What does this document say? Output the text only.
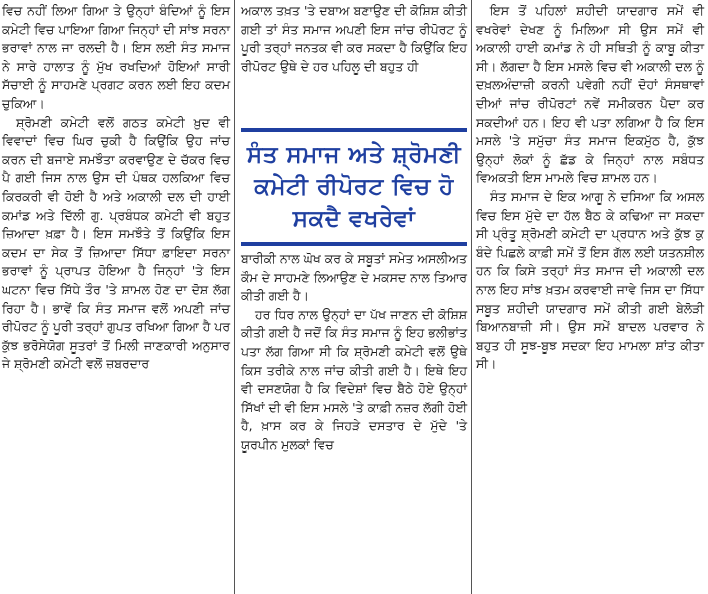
ਵਿਚ ਨਹੀਂ ਲਿਆ ਗਿਆ ਤੇ ਉਨ੍ਹਾਂ ਬੰਦਿਆਂ ਨੂੰ ਇਸ ਕਮੇਟੀ ਵਿਚ ਪਾਇਆ ਗਿਆ ਜਿਨ੍ਹਾਂ ਦੀ ਸਾਂਝ ਸਰਨਾ ਭਰਾਵਾਂ ਨਾਲ ਜਾ ਰਲਦੀ ਹੈ। ਇਸ ਲਈ ਸੰਤ ਸਮਾਜ ਨੇ ਸਾਰੇ ਹਾਲਾਤ ਨੂੰ ਮੁੱਖ ਰਖਦਿਆਂ ਹੋਇਆਂ ਸਾਰੀ ਸੱਚਾਈ ਨੂੰ ਸਾਹਮਣੇ ਪ੍ਰਗਟ ਕਰਨ ਲਈ ਇਹ ਕਦਮ ਚੁਕਿਆ।

ਸ਼੍ਰੋਮਣੀ ਕਮੇਟੀ ਵਲੋਂ ਗਠਤ ਕਮੇਟੀ ਖ਼ੁਦ ਵੀ ਵਿਵਾਦਾਂ ਵਿਚ ਘਿਰ ਚੁਕੀ ਹੈ ਕਿਉਂਕਿ ਉਹ ਜਾਂਚ ਕਰਨ ਦੀ ਬਜਾਏ ਸਮਝੌਤਾ ਕਰਵਾਉਣ ਦੇ ਚੱਕਰ ਵਿਚ ਪੈ ਗਈ ਜਿਸ ਨਾਲ ਉਸ ਦੀ ਪੰਥਕ ਹਲਕਿਆ ਵਿਚ ਕਿਰਕਰੀ ਵੀ ਹੋਈ ਹੈ ਅਤੇ ਅਕਾਲੀ ਦਲ ਦੀ ਹਾਈ ਕਮਾਂਡ ਅਤੇ ਦਿੱਲੀ ਗੁ. ਪ੍ਰਬੰਧਕ ਕਮੇਟੀ ਵੀ ਬਹੁਤ ਜ਼ਿਆਦਾ ਖ਼ਫ਼ਾ ਹੈ। ਇਸ ਸਮਝੌਤੇ ਤੋਂ ਕਿਉਂਕਿ ਇਸ ਕਦਮ ਦਾ ਸੇਕ ਤੋਂ ਜ਼ਿਆਦਾ ਸਿੱਧਾ ਫ਼ਾਇਦਾ ਸਰਨਾ ਭਰਾਵਾਂ ਨੂੰ ਪ੍ਰਾਪਤ ਹੋਇਆ ਹੈ ਜਿਨ੍ਹਾਂ 'ਤੇ ਇਸ ਘਟਨਾ ਵਿਚ ਸਿੱਧੇ ਤੌਰ 'ਤੇ ਸ਼ਾਮਲ ਹੋਣ ਦਾ ਦੋਸ਼ ਲੱਗ ਰਿਹਾ ਹੈ। ਭਾਵੇਂ ਕਿ ਸੰਤ ਸਮਾਜ ਵਲੋਂ ਅਪਣੀ ਜਾਂਚ ਰੀਪੋਰਟ ਨੂੰ ਪੂਰੀ ਤਰ੍ਹਾਂ ਗੁਪਤ ਰਖਿਆ ਗਿਆ ਹੈ ਪਰ ਕੁੱਝ ਭਰੋਸੇਯੋਗ ਸੂਤਰਾਂ ਤੋਂ ਮਿਲੀ ਜਾਣਕਾਰੀ ਅਨੁਸਾਰ ਜੇ ਸ਼੍ਰੋਮਣੀ ਕਮੇਟੀ ਵਲੋਂ ਜ਼ਬਰਦਾਰ

ਅਕਾਲ ਤਖ਼ਤ 'ਤੇ ਦਬਾਅ ਬਣਾਉਣ ਦੀ ਕੋਸ਼ਿਸ਼ ਕੀਤੀ ਗਈ ਤਾਂ ਸੰਤ ਸਮਾਜ ਅਪਣੀ ਇਸ ਜਾਂਚ ਰੀਪੋਰਟ ਨੂੰ ਪੂਰੀ ਤਰ੍ਹਾਂ ਜਨਤਕ ਵੀ ਕਰ ਸਕਦਾ ਹੈ ਕਿਉਂਕਿ ਇਹ ਰੀਪੋਰਟ ਉਥੇ ਦੇ ਹਰ ਪਹਿਲੂ ਦੀ ਬਹੁਤ ਹੀ

ਸੰਤ ਸਮਾਜ ਅਤੇ ਸ਼੍ਰੋਮਣੀ
ਕਮੇਟੀ ਰੀਪੋਰਟ ਵਿਚ ਹੋ
ਸਕਦੈ ਵਖਰੇਵਾਂ

ਬਾਰੀਕੀ ਨਾਲ ਘੋਖ ਕਰ ਕੇ ਸਬੂਤਾਂ ਸਮੇਤ ਅਸਲੀਅਤ ਕੌਮ ਦੇ ਸਾਹਮਣੇ ਲਿਆਉਣ ਦੇ ਮਕਸਦ ਨਾਲ ਤਿਆਰ ਕੀਤੀ ਗਈ ਹੈ।

ਹਰ ਧਿਰ ਨਾਲ ਉਨ੍ਹਾਂ ਦਾ ਪੱਖ ਜਾਣਨ ਦੀ ਕੋਸ਼ਿਸ਼ ਕੀਤੀ ਗਈ ਹੈ ਜਦੋਂ ਕਿ ਸੰਤ ਸਮਾਜ ਨੂੰ ਇਹ ਭਲੀਭਾਂਤ ਪਤਾ ਲੱਗ ਗਿਆ ਸੀ ਕਿ ਸ਼੍ਰੋਮਣੀ ਕਮੇਟੀ ਵਲੋਂ ਉਥੇ ਕਿਸ ਤਰੀਕੇ ਨਾਲ ਜਾਂਚ ਕੀਤੀ ਗਈ ਹੈ। ਇਥੇ ਇਹ ਵੀ ਦਸਣਯੋਗ ਹੈ ਕਿ ਵਿਦੇਸ਼ਾਂ ਵਿਚ ਬੈਠੇ ਹੋਏ ਉਨ੍ਹਾਂ ਸਿੱਖਾਂ ਦੀ ਵੀ ਇਸ ਮਸਲੇ 'ਤੇ ਕਾਫ਼ੀ ਨਜ਼ਰ ਲੱਗੀ ਹੋਈ ਹੈ, ਖ਼ਾਸ ਕਰ ਕੇ ਜਿਹੜੇ ਦਸਤਾਰ ਦੇ ਮੁੱਦੇ 'ਤੇ ਯੂਰਪੀਨ ਮੁਲਕਾਂ ਵਿਚ

ਇਸ ਤੋਂ ਪਹਿਲਾਂ ਸ਼ਹੀਦੀ ਯਾਦਗਾਰ ਸਮੇਂ ਵੀ ਵਖਰੇਵਾਂ ਦੇਖਣ ਨੂੰ ਮਿਲਿਆ ਸੀ ਉਸ ਸਮੇਂ ਵੀ ਅਕਾਲੀ ਹਾਈ ਕਮਾਂਡ ਨੇ ਹੀ ਸਥਿਤੀ ਨੂੰ ਕਾਬੂ ਕੀਤਾ ਸੀ। ਲੱਗਦਾ ਹੈ ਇਸ ਮਸਲੇ ਵਿਚ ਵੀ ਅਕਾਲੀ ਦਲ ਨੂੰ ਦਖ਼ਲਅੰਦਾਜ਼ੀ ਕਰਨੀ ਪਵੇਗੀ ਨਹੀਂ ਦੋਹਾਂ ਸੰਸਥਾਵਾਂ ਦੀਆਂ ਜਾਂਚ ਰੀਪੋਰਟਾਂ ਨਵੇਂ ਸਮੀਕਰਨ ਪੈਦਾ ਕਰ ਸਕਦੀਆਂ ਹਨ। ਇਹ ਵੀ ਪਤਾ ਲਗਿਆ ਹੈ ਕਿ ਇਸ ਮਸਲੇ 'ਤੇ ਸਮੁੱਚਾ ਸੰਤ ਸਮਾਜ ਇਕਮੁੱਠ ਹੈ, ਕੁੱਝ ਉਨ੍ਹਾਂ ਲੋਕਾਂ ਨੂੰ ਛੱਡ ਕੇ ਜਿਨ੍ਹਾਂ ਨਾਲ ਸਬੰਧਤ ਵਿਅਕਤੀ ਇਸ ਮਾਮਲੇ ਵਿਚ ਸ਼ਾਮਲ ਹਨ।

ਸੰਤ ਸਮਾਜ ਦੇ ਇਕ ਆਗੂ ਨੇ ਦਸਿਆ ਕਿ ਅਸਲ ਵਿਚ ਇਸ ਮੁੱਦੇ ਦਾ ਹੱਲ ਬੈਠ ਕੇ ਕਢਿਆ ਜਾ ਸਕਦਾ ਸੀ ਪ੍ਰੰਤੂ ਸ਼੍ਰੋਮਣੀ ਕਮੇਟੀ ਦਾ ਪ੍ਰਧਾਨ ਅਤੇ ਕੁੱਝ ਕੁ ਬੰਦੇ ਪਿਛਲੇ ਕਾਫ਼ੀ ਸਮੇਂ ਤੋਂ ਇਸ ਗੱਲ ਲਈ ਯਤਨਸ਼ੀਲ ਹਨ ਕਿ ਕਿਸੇ ਤਰ੍ਹਾਂ ਸੰਤ ਸਮਾਜ ਦੀ ਅਕਾਲੀ ਦਲ ਨਾਲ ਇਹ ਸਾਂਝ ਖ਼ਤਮ ਕਰਵਾਈ ਜਾਵੇ ਜਿਸ ਦਾ ਸਿੱਧਾ ਸਬੂਤ ਸ਼ਹੀਦੀ ਯਾਦਗਾਰ ਸਮੇਂ ਕੀਤੀ ਗਈ ਬੇਲੋੜੀ ਬਿਆਨਬਾਜ਼ੀ ਸੀ। ਉਸ ਸਮੇਂ ਬਾਦਲ ਪਰਵਾਰ ਨੇ ਬਹੁਤ ਹੀ ਸੂਝ-ਬੂਝ ਸਦਕਾ ਇਹ ਮਾਮਲਾ ਸ਼ਾਂਤ ਕੀਤਾ ਸੀ।
